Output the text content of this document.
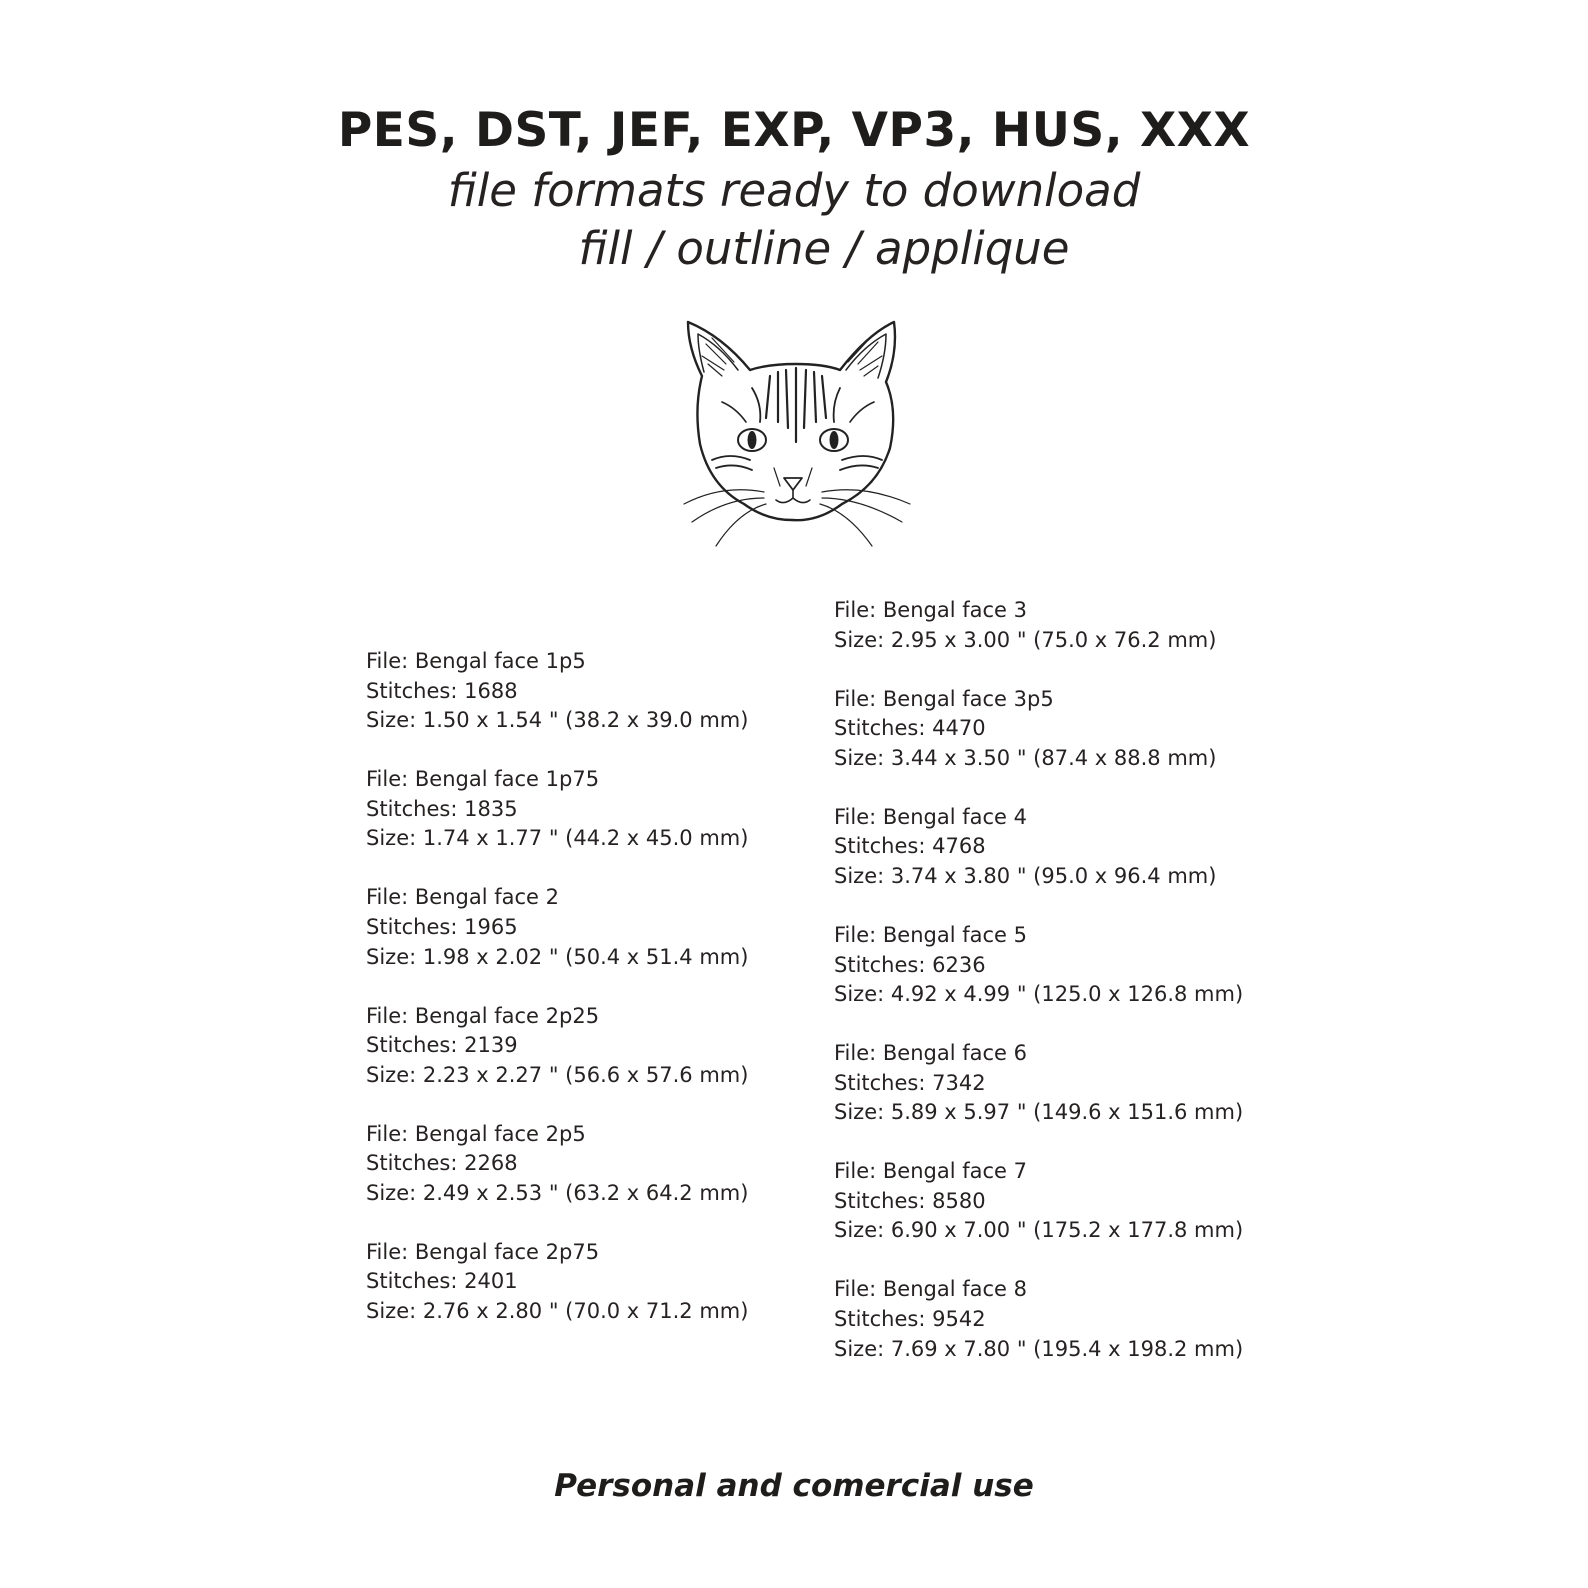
PES, DST, JEF, EXP, VP3, HUS, XXX
file formats ready to download
fill / outline / applique
File: Bengal face 1p5
Stitches: 1688
Size: 1.50 x 1.54 " (38.2 x 39.0 mm)
File: Bengal face 1p75
Stitches: 1835
Size: 1.74 x 1.77 " (44.2 x 45.0 mm)
File: Bengal face 2
Stitches: 1965
Size: 1.98 x 2.02 " (50.4 x 51.4 mm)
File: Bengal face 2p25
Stitches: 2139
Size: 2.23 x 2.27 " (56.6 x 57.6 mm)
File: Bengal face 2p5
Stitches: 2268
Size: 2.49 x 2.53 " (63.2 x 64.2 mm)
File: Bengal face 2p75
Stitches: 2401
Size: 2.76 x 2.80 " (70.0 x 71.2 mm)
File: Bengal face 3
Size: 2.95 x 3.00 " (75.0 x 76.2 mm)
File: Bengal face 3p5
Stitches: 4470
Size: 3.44 x 3.50 " (87.4 x 88.8 mm)
File: Bengal face 4
Stitches: 4768
Size: 3.74 x 3.80 " (95.0 x 96.4 mm)
File: Bengal face 5
Stitches: 6236
Size: 4.92 x 4.99 " (125.0 x 126.8 mm)
File: Bengal face 6
Stitches: 7342
Size: 5.89 x 5.97 " (149.6 x 151.6 mm)
File: Bengal face 7
Stitches: 8580
Size: 6.90 x 7.00 " (175.2 x 177.8 mm)
File: Bengal face 8
Stitches: 9542
Size: 7.69 x 7.80 " (195.4 x 198.2 mm)
Personal and comercial use
